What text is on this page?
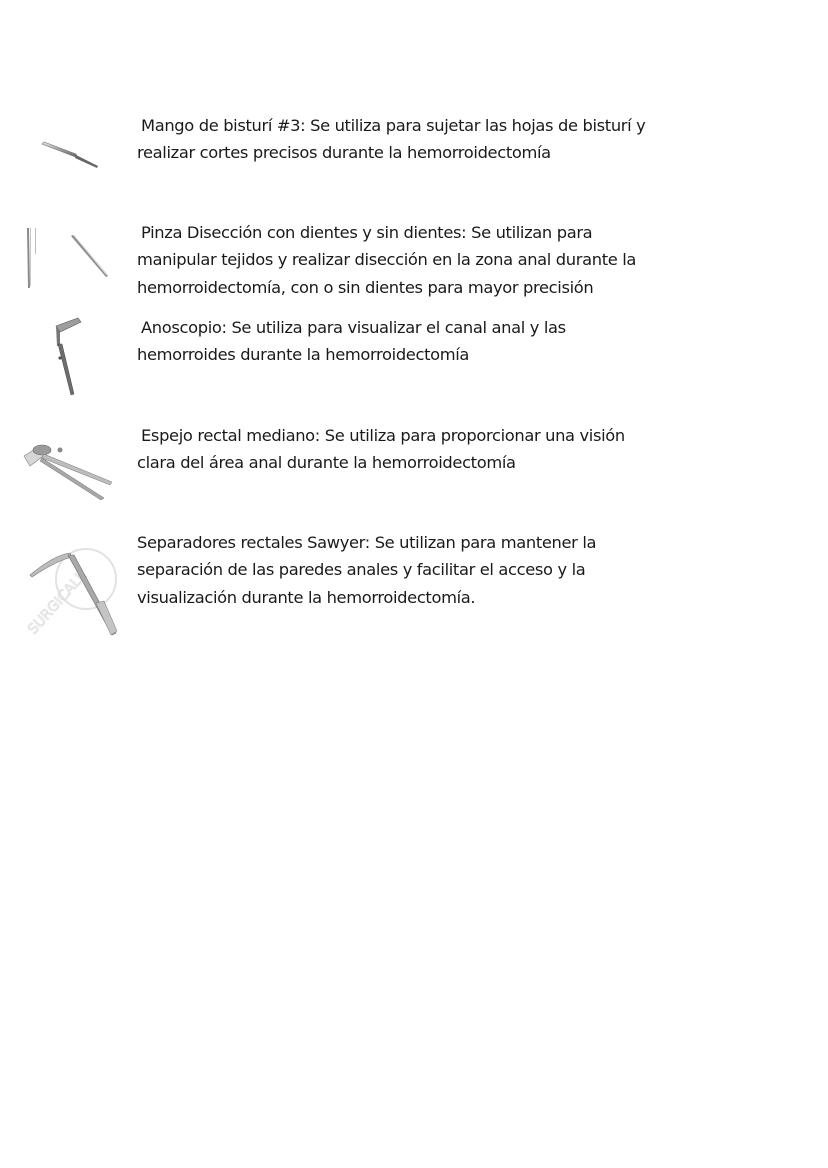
Mango de bisturí #3: Se utiliza para sujetar las hojas de bisturí y
realizar cortes precisos durante la hemorroidectomía
Pinza Disección con dientes y sin dientes: Se utilizan para
manipular tejidos y realizar disección en la zona anal durante la
hemorroidectomía, con o sin dientes para mayor precisión
Anoscopio: Se utiliza para visualizar el canal anal y las
hemorroides durante la hemorroidectomía
Espejo rectal mediano: Se utiliza para proporcionar una visión
clara del área anal durante la hemorroidectomía
SURGICALL
Separadores rectales Sawyer: Se utilizan para mantener la
separación de las paredes anales y facilitar el acceso y la
visualización durante la hemorroidectomía.
